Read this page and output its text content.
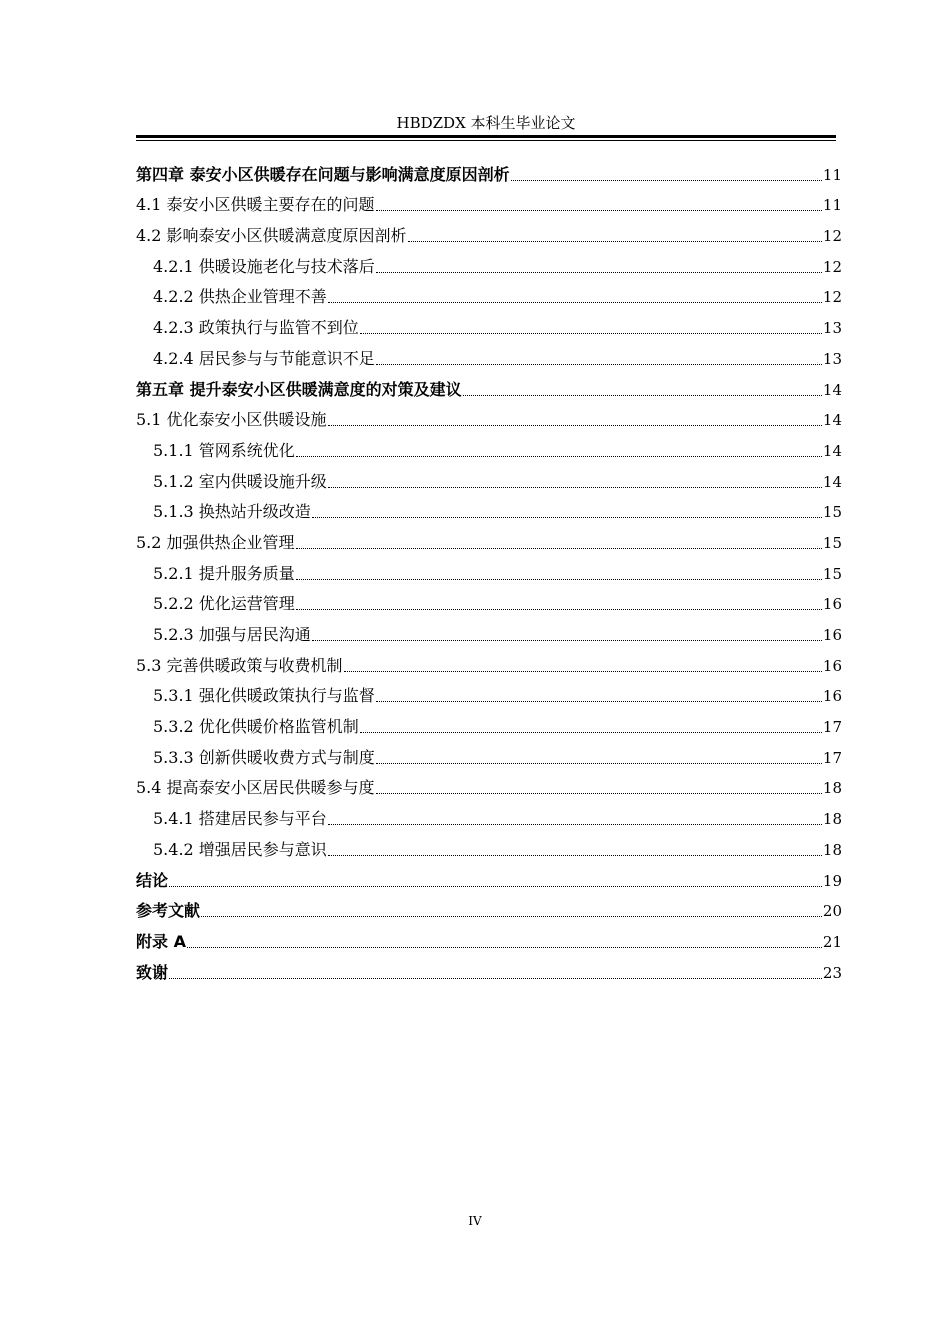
HBDZDX 本科生毕业论文
第四章 泰安小区供暖存在问题与影响满意度原因剖析	11
4.1 泰安小区供暖主要存在的问题	11
4.2 影响泰安小区供暖满意度原因剖析	12
4.2.1 供暖设施老化与技术落后	12
4.2.2 供热企业管理不善	12
4.2.3 政策执行与监管不到位	13
4.2.4 居民参与与节能意识不足	13
第五章 提升泰安小区供暖满意度的对策及建议	14
5.1 优化泰安小区供暖设施	14
5.1.1 管网系统优化	14
5.1.2 室内供暖设施升级	14
5.1.3 换热站升级改造	15
5.2 加强供热企业管理	15
5.2.1 提升服务质量	15
5.2.2 优化运营管理	16
5.2.3 加强与居民沟通	16
5.3 完善供暖政策与收费机制	16
5.3.1 强化供暖政策执行与监督	16
5.3.2 优化供暖价格监管机制	17
5.3.3 创新供暖收费方式与制度	17
5.4 提高泰安小区居民供暖参与度	18
5.4.1 搭建居民参与平台	18
5.4.2 增强居民参与意识	18
结论	19
参考文献	20
附录 A	21
致谢	23
IV
